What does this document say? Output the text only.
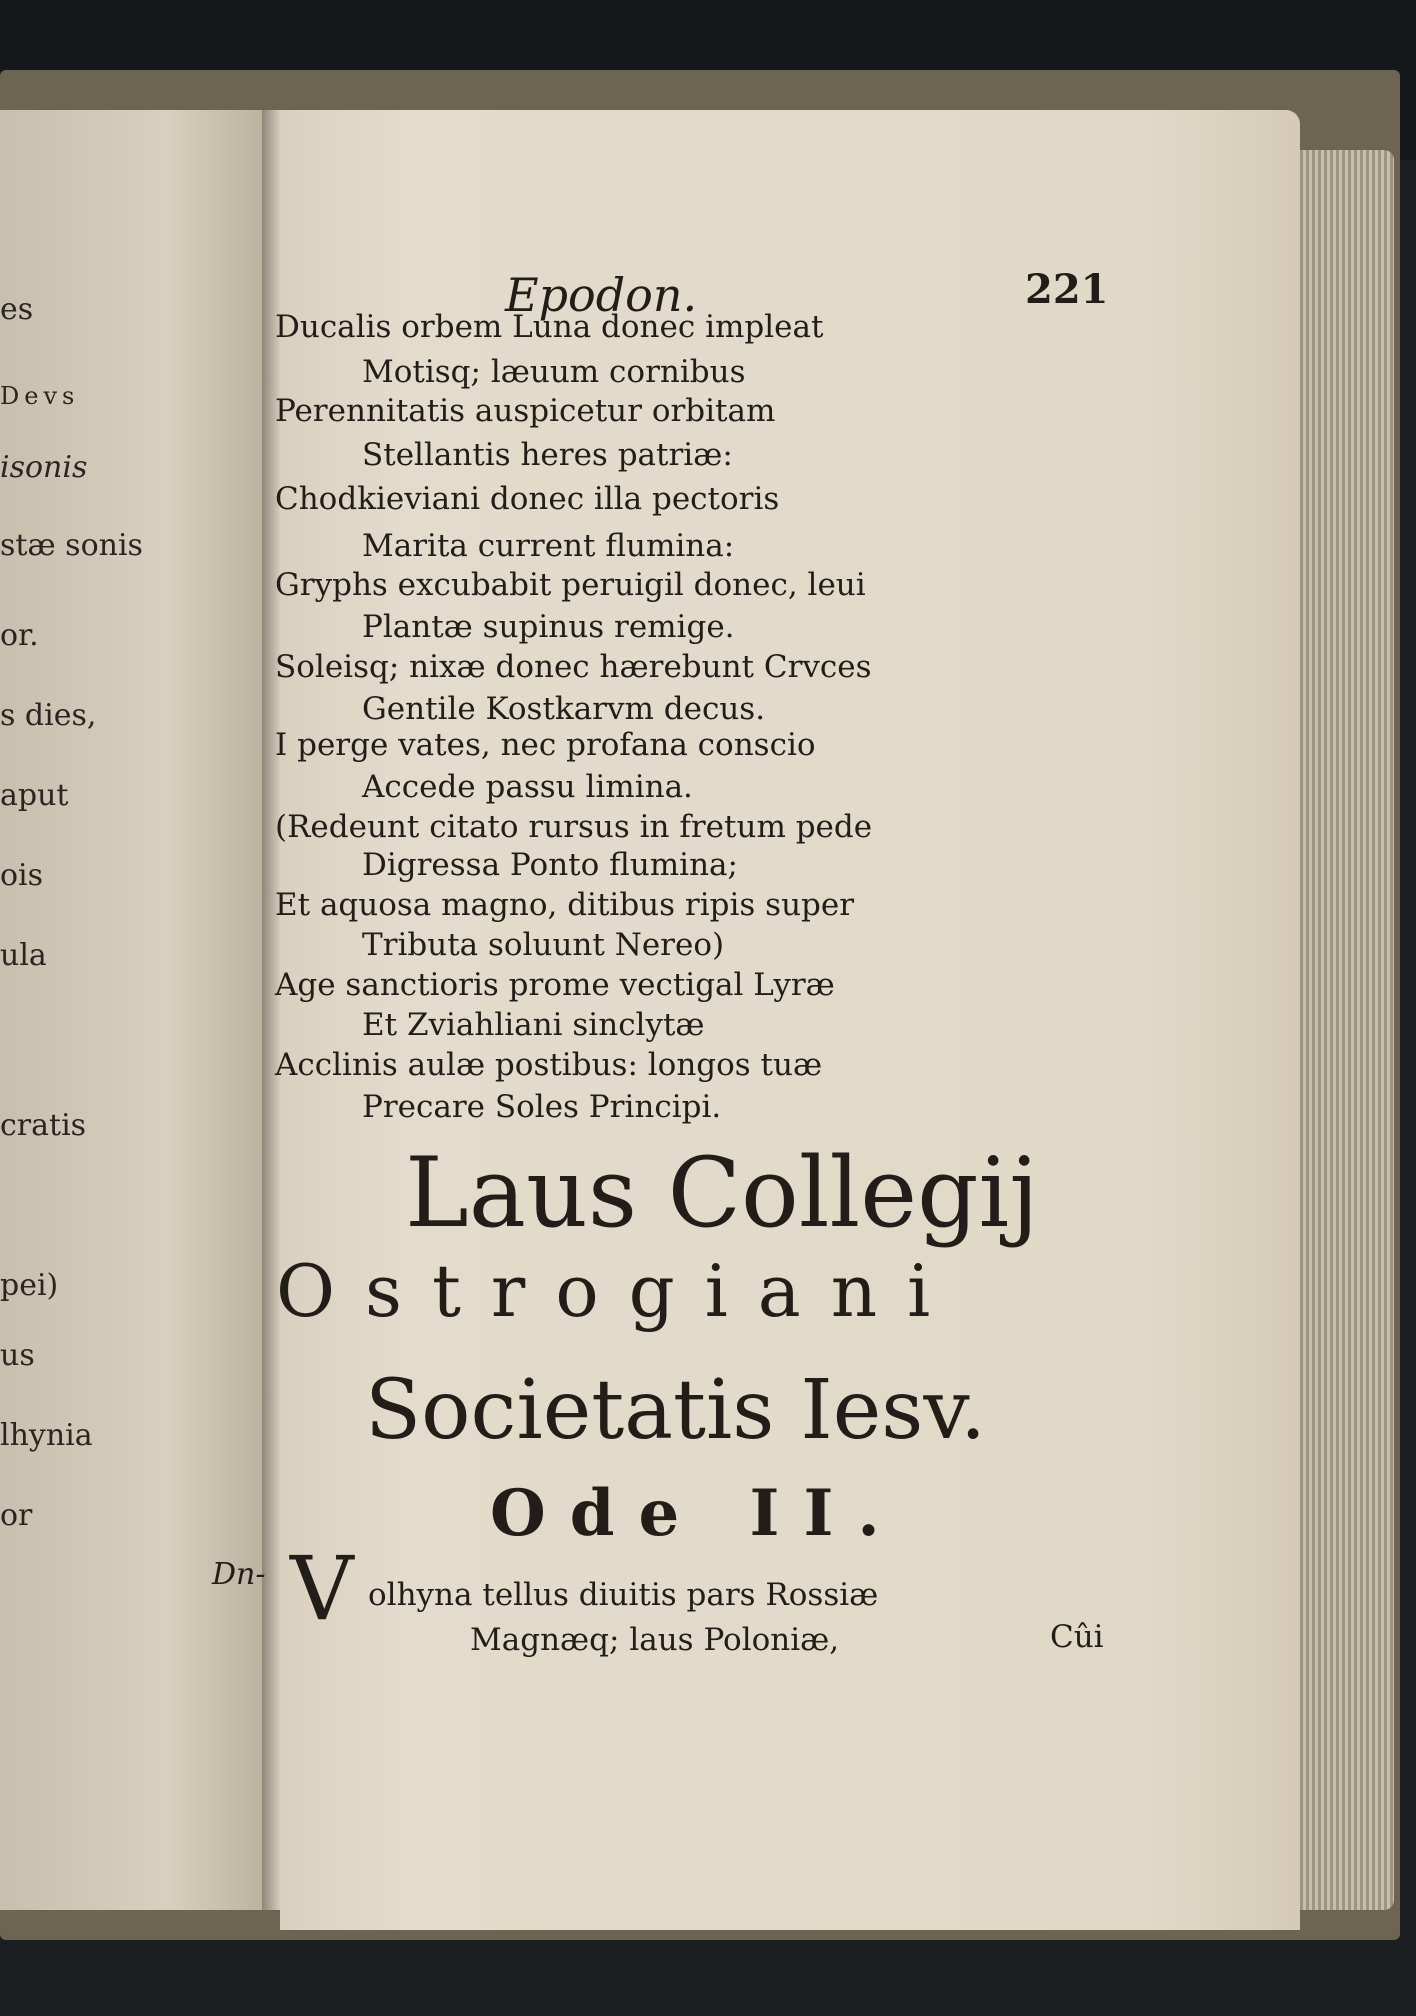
es
Devs
isonis
stæ sonis
or.
s dies,
aput
ois
ula
cratis
pei)
us
lhynia
or
Dn-
Epodon.	221
Ducalis orbem Luna donec impleat
Motisq; læuum cornibus
Perennitatis auspicetur orbitam
Stellantis heres patriæ:
Chodkieviani donec illa pectoris
Marita current flumina:
Gryphs excubabit peruigil donec, leui
Plantæ supinus remige.
Soleisq; nixæ donec hærebunt Crvces
Gentile Kostkarvm decus.
I perge vates, nec profana conscio
Accede passu limina.
(Redeunt citato rursus in fretum pede
Digressa Ponto flumina;
Et aquosa magno, ditibus ripis super
Tributa soluunt Nereo)
Age sanctioris prome vectigal Lyræ
Et Zviahliani sinclytæ
Acclinis aulæ postibus: longos tuæ
Precare Soles Principi.
Laus Collegij
Ostrogiani
Societatis Iesv.
Ode II.
V olhyna tellus diuitis pars Rossiæ
Magnæq; laus Poloniæ,	Cûi
